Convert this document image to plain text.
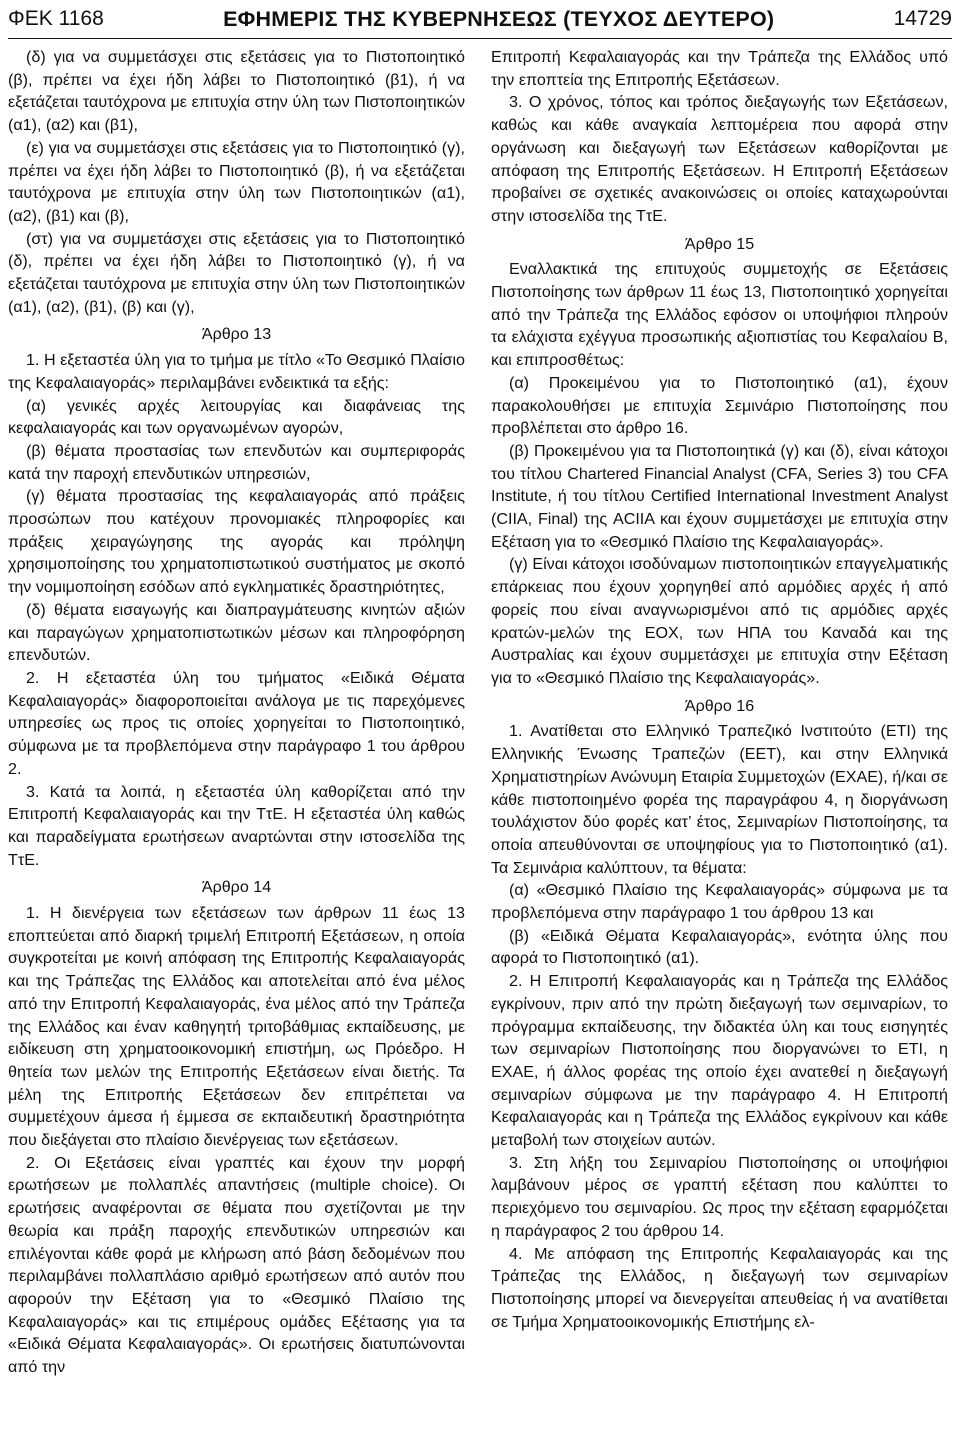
ΦΕΚ 1168	ΕΦΗΜΕΡΙΣ ΤΗΣ ΚΥΒΕΡΝΗΣΕΩΣ (ΤΕΥΧΟΣ ΔΕΥΤΕΡΟ)	14729

(δ) για να συμμετάσχει στις εξετάσεις για το Πιστοποιητικό (β), πρέπει να έχει ήδη λάβει το Πιστοποιητικό (β1), ή να εξετάζεται ταυτόχρονα με επιτυχία στην ύλη των Πιστοποιητικών (α1), (α2) και (β1),

(ε) για να συμμετάσχει στις εξετάσεις για το Πιστοποιητικό (γ), πρέπει να έχει ήδη λάβει το Πιστοποιητικό (β), ή να εξετάζεται ταυτόχρονα με επιτυχία στην ύλη των Πιστοποιητικών (α1), (α2), (β1) και (β),

(στ) για να συμμετάσχει στις εξετάσεις για το Πιστοποιητικό (δ), πρέπει να έχει ήδη λάβει το Πιστοποιητικό (γ), ή να εξετάζεται ταυτόχρονα με επιτυχία στην ύλη των Πιστοποιητικών (α1), (α2), (β1), (β) και (γ),

Άρθρο 13

1. Η εξεταστέα ύλη για το τμήμα με τίτλο «Το Θεσμικό Πλαίσιο της Κεφαλαιαγοράς» περιλαμβάνει ενδεικτικά τα εξής:

(α) γενικές αρχές λειτουργίας και διαφάνειας της κεφαλαιαγοράς και των οργανωμένων αγορών,

(β) θέματα προστασίας των επενδυτών και συμπεριφοράς κατά την παροχή επενδυτικών υπηρεσιών,

(γ) θέματα προστασίας της κεφαλαιαγοράς από πράξεις προσώπων που κατέχουν προνομιακές πληροφορίες και πράξεις χειραγώγησης της αγοράς και πρόληψη χρησιμοποίησης του χρηματοπιστωτικού συστήματος με σκοπό την νομιμοποίηση εσόδων από εγκληματικές δραστηριότητες,

(δ) θέματα εισαγωγής και διαπραγμάτευσης κινητών αξιών και παραγώγων χρηματοπιστωτικών μέσων και πληροφόρηση επενδυτών.

2. Η εξεταστέα ύλη του τμήματος «Ειδικά Θέματα Κεφαλαιαγοράς» διαφοροποιείται ανάλογα με τις παρεχόμενες υπηρεσίες ως προς τις οποίες χορηγείται το Πιστοποιητικό, σύμφωνα με τα προβλεπόμενα στην παράγραφο 1 του άρθρου 2.

3. Κατά τα λοιπά, η εξεταστέα ύλη καθορίζεται από την Επιτροπή Κεφαλαιαγοράς και την ΤτΕ. Η εξεταστέα ύλη καθώς και παραδείγματα ερωτήσεων αναρτώνται στην ιστοσελίδα της ΤτΕ.

Άρθρο 14

1. Η διενέργεια των εξετάσεων των άρθρων 11 έως 13 εποπτεύεται από διαρκή τριμελή Επιτροπή Εξετάσεων, η οποία συγκροτείται με κοινή απόφαση της Επιτροπής Κεφαλαιαγοράς και της Τράπεζας της Ελλάδος και αποτελείται από ένα μέλος από την Επιτροπή Κεφαλαιαγοράς, ένα μέλος από την Τράπεζα της Ελλάδος και έναν καθηγητή τριτοβάθμιας εκπαίδευσης, με ειδίκευση στη χρηματοοικονομική επιστήμη, ως Πρόεδρο. Η θητεία των μελών της Επιτροπής Εξετάσεων είναι διετής. Τα μέλη της Επιτροπής Εξετάσεων δεν επιτρέπεται να συμμετέχουν άμεσα ή έμμεσα σε εκπαιδευτική δραστηριότητα που διεξάγεται στο πλαίσιο διενέργειας των εξετάσεων.

2. Οι Εξετάσεις είναι γραπτές και έχουν την μορφή ερωτήσεων με πολλαπλές απαντήσεις (multiple choice). Οι ερωτήσεις αναφέρονται σε θέματα που σχετίζονται με την θεωρία και πράξη παροχής επενδυτικών υπηρεσιών και επιλέγονται κάθε φορά με κλήρωση από βάση δεδομένων που περιλαμβάνει πολλαπλάσιο αριθμό ερωτήσεων από αυτόν που αφορούν την Εξέταση για το «Θεσμικό Πλαίσιο της Κεφαλαιαγοράς» και τις επιμέρους ομάδες Εξέτασης για τα «Ειδικά Θέματα Κεφαλαιαγοράς». Οι ερωτήσεις διατυπώνονται από την

Επιτροπή Κεφαλαιαγοράς και την Τράπεζα της Ελλάδος υπό την εποπτεία της Επιτροπής Εξετάσεων.

3. Ο χρόνος, τόπος και τρόπος διεξαγωγής των Εξετάσεων, καθώς και κάθε αναγκαία λεπτομέρεια που αφορά στην οργάνωση και διεξαγωγή των Εξετάσεων καθορίζονται με απόφαση της Επιτροπής Εξετάσεων. Η Επιτροπή Εξετάσεων προβαίνει σε σχετικές ανακοινώσεις οι οποίες καταχωρούνται στην ιστοσελίδα της ΤτΕ.

Άρθρο 15

Εναλλακτικά της επιτυχούς συμμετοχής σε Εξετάσεις Πιστοποίησης των άρθρων 11 έως 13, Πιστοποιητικό χορηγείται από την Τράπεζα της Ελλάδος εφόσον οι υποψήφιοι πληρούν τα ελάχιστα εχέγγυα προσωπικής αξιοπιστίας του Κεφαλαίου Β, και επιπροσθέτως:

(α) Προκειμένου για το Πιστοποιητικό (α1), έχουν παρακολουθήσει με επιτυχία Σεμινάριο Πιστοποίησης που προβλέπεται στο άρθρο 16.

(β) Προκειμένου για τα Πιστοποιητικά (γ) και (δ), είναι κάτοχοι του τίτλου Chartered Financial Analyst (CFA, Series 3) του CFA Institute, ή του τίτλου Certified International Investment Analyst (CIIA, Final) της ACIIA και έχουν συμμετάσχει με επιτυχία στην Εξέταση για το «Θεσμικό Πλαίσιο της Κεφαλαιαγοράς».

(γ) Είναι κάτοχοι ισοδύναμων πιστοποιητικών επαγγελματικής επάρκειας που έχουν χορηγηθεί από αρμόδιες αρχές ή από φορείς που είναι αναγνωρισμένοι από τις αρμόδιες αρχές κρατών-μελών της ΕΟΧ, των ΗΠΑ του Καναδά και της Αυστραλίας και έχουν συμμετάσχει με επιτυχία στην Εξέταση για το «Θεσμικό Πλαίσιο της Κεφαλαιαγοράς».

Άρθρο 16

1. Ανατίθεται στο Ελληνικό Τραπεζικό Ινστιτούτο (ΕΤΙ) της Ελληνικής Ένωσης Τραπεζών (ΕΕΤ), και στην Ελληνικά Χρηματιστηρίων Ανώνυμη Εταιρία Συμμετοχών (ΕΧΑΕ), ή/και σε κάθε πιστοποιημένο φορέα της παραγράφου 4, η διοργάνωση τουλάχιστον δύο φορές κατ’ έτος, Σεμιναρίων Πιστοποίησης, τα οποία απευθύνονται σε υποψηφίους για το Πιστοποιητικό (α1). Τα Σεμινάρια καλύπτουν, τα θέματα:

(α) «Θεσμικό Πλαίσιο της Κεφαλαιαγοράς» σύμφωνα με τα προβλεπόμενα στην παράγραφο 1 του άρθρου 13 και

(β) «Ειδικά Θέματα Κεφαλαιαγοράς», ενότητα ύλης που αφορά το Πιστοποιητικό (α1).

2. Η Επιτροπή Κεφαλαιαγοράς και η Τράπεζα της Ελλάδος εγκρίνουν, πριν από την πρώτη διεξαγωγή των σεμιναρίων, το πρόγραμμα εκπαίδευσης, την διδακτέα ύλη και τους εισηγητές των σεμιναρίων Πιστοποίησης που διοργανώνει το ΕΤΙ, η ΕΧΑΕ, ή άλλος φορέας της οποίο έχει ανατεθεί η διεξαγωγή σεμιναρίων σύμφωνα με την παράγραφο 4. Η Επιτροπή Κεφαλαιαγοράς και η Τράπεζα της Ελλάδος εγκρίνουν και κάθε μεταβολή των στοιχείων αυτών.

3. Στη λήξη του Σεμιναρίου Πιστοποίησης οι υποψήφιοι λαμβάνουν μέρος σε γραπτή εξέταση που καλύπτει το περιεχόμενο του σεμιναρίου. Ως προς την εξέταση εφαρμόζεται η παράγραφος 2 του άρθρου 14.

4. Με απόφαση της Επιτροπής Κεφαλαιαγοράς και της Τράπεζας της Ελλάδος, η διεξαγωγή των σεμιναρίων Πιστοποίησης μπορεί να διενεργείται απευθείας ή να ανατίθεται σε Τμήμα Χρηματοοικονομικής Επιστήμης ελ-
